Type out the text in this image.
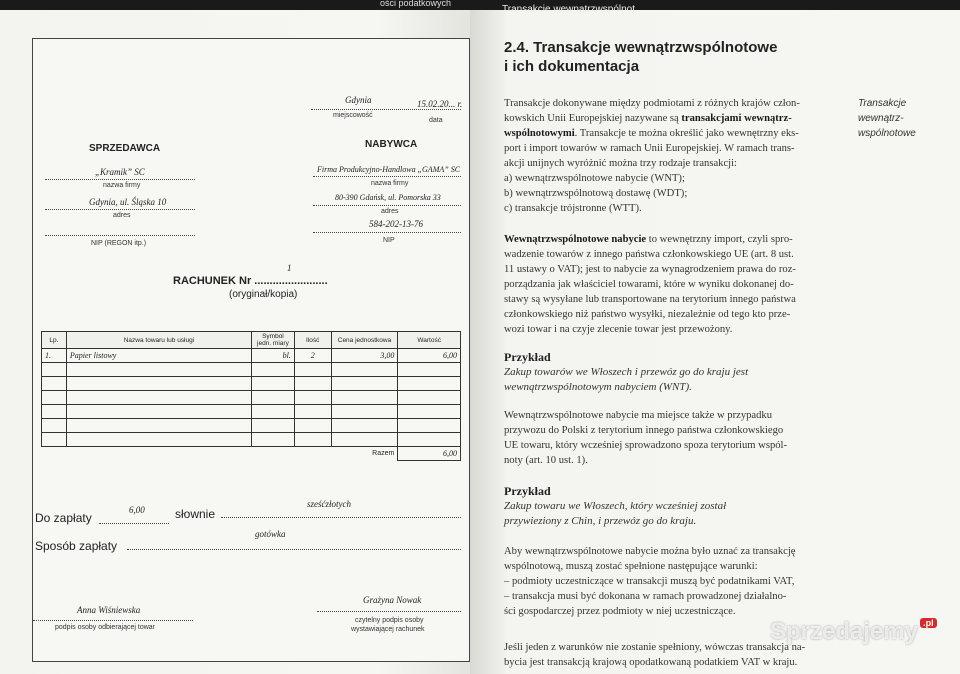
ości podatkowych
Gdynia	15.02.20... r.
miejscowość
data
SPRZEDAWCA
„Kramik” SC
nazwa firmy
Gdynia, ul. Śląska 10
adres
NIP (REGON itp.)
NABYWCA
Firma Produkcyjno-Handlowa „GAMA” SC
nazwa firmy
80-390 Gdańsk, ul. Pomorska 33
adres
584-202-13-76
NIP
1
RACHUNEK Nr ........................
(oryginał/kopia)
Lp.	Nazwa towaru lub usługi	Symbol jedn. miary	Ilość	Cena jednostkowa	Wartość
1.	Papier listowy	bl.	2	3,00	6,00

Razem					6,00
6,00
Do zapłaty	słownie
sześćzłotych
gotówka
Sposób zapłaty
Anna Wiśniewska
podpis osoby odbierającej towar
Grażyna Nowak
czytelny podpis osoby
wystawiającej rachunek
Transakcje wewnątrzwspólnot...
2.4. Transakcje wewnątrzwspólnotowe
i ich dokumentacja
Transakcje
wewnątrz-
wspólnotowe

Transakcje dokonywane między podmiotami z różnych krajów człon-

kowskich Unii Europejskiej nazywane są transakcjami wewnątrz-

wspólnotowymi. Transakcje te można określić jako wewnętrzny eks-

port i import towarów w ramach Unii Europejskiej. W ramach trans-

akcji unijnych wyróżnić można trzy rodzaje transakcji:

a) wewnątrzwspólnotowe nabycie (WNT);

b) wewnątrzwspólnotową dostawę (WDT);

c) transakcje trójstronne (WTT).

Wewnątrzwspólnotowe nabycie to wewnętrzny import, czyli spro-

wadzenie towarów z innego państwa członkowskiego UE (art. 8 ust.

11 ustawy o VAT); jest to nabycie za wynagrodzeniem prawa do roz-

porządzania jak właściciel towarami, które w wyniku dokonanej do-

stawy są wysyłane lub transportowane na terytorium innego państwa

członkowskiego niż państwo wysyłki, niezależnie od tego kto prze-

wozi towar i na czyje zlecenie towar jest przewożony.

Przykład
Zakup towarów we Włoszech i przewóz go do kraju jest
wewnątrzwspólnotowym nabyciem (WNT).

Wewnątrzwspólnotowe nabycie ma miejsce także w przypadku

przywozu do Polski z terytorium innego państwa członkowskiego

UE towaru, który wcześniej sprowadzono spoza terytorium wspól-

noty (art. 10 ust. 1).

Przykład
Zakup towaru we Włoszech, który wcześniej został
przywieziony z Chin, i przewóz go do kraju.

Aby wewnątrzwspólnotowe nabycie można było uznać za transakcję

wspólnotową, muszą zostać spełnione następujące warunki:

– podmioty uczestniczące w transakcji muszą być podatnikami VAT,

– transakcja musi być dokonana w ramach prowadzonej działalno-

ści gospodarczej przez podmioty w niej uczestniczące.

Jeśli jeden z warunków nie zostanie spełniony, wówczas transakcja na-

bycia jest transakcją krajową opodatkowaną podatkiem VAT w kraju.

Sprzedajemy .pl
